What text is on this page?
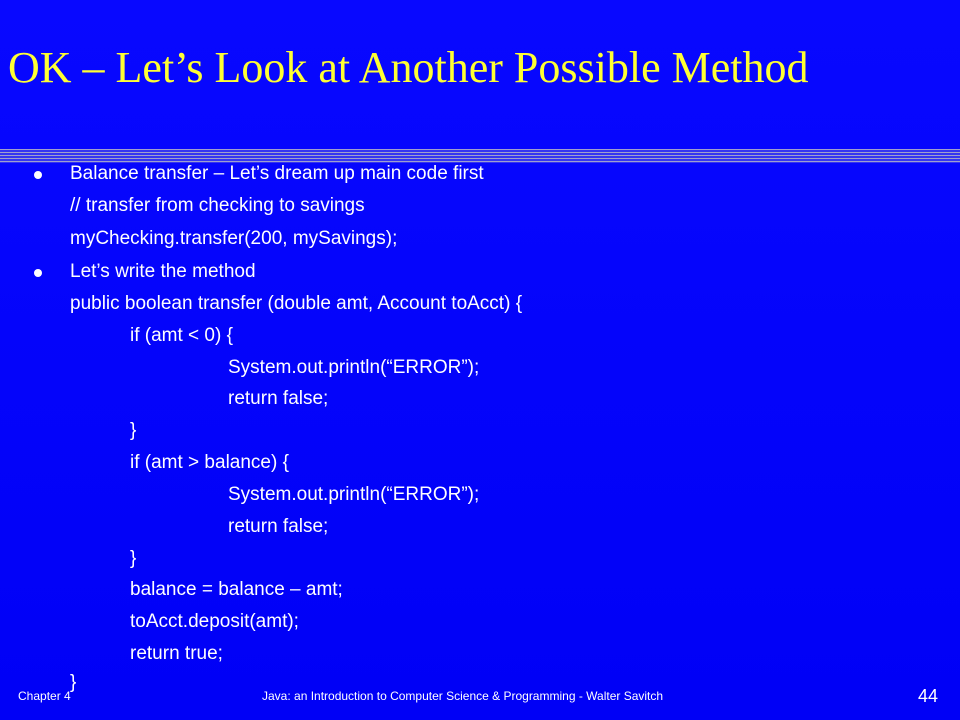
OK – Let’s Look at Another Possible Method
Balance transfer – Let’s dream up main code first
// transfer from checking to savings
myChecking.transfer(200, mySavings);
Let’s write the method
public boolean transfer (double amt, Account toAcct) {
if (amt < 0) {
System.out.println(“ERROR”);
return false;
}
if (amt > balance) {
System.out.println(“ERROR”);
return false;
}
balance = balance – amt;
toAcct.deposit(amt);
return true;
}
Chapter 4	Java: an Introduction to Computer Science & Programming - Walter Savitch	44
